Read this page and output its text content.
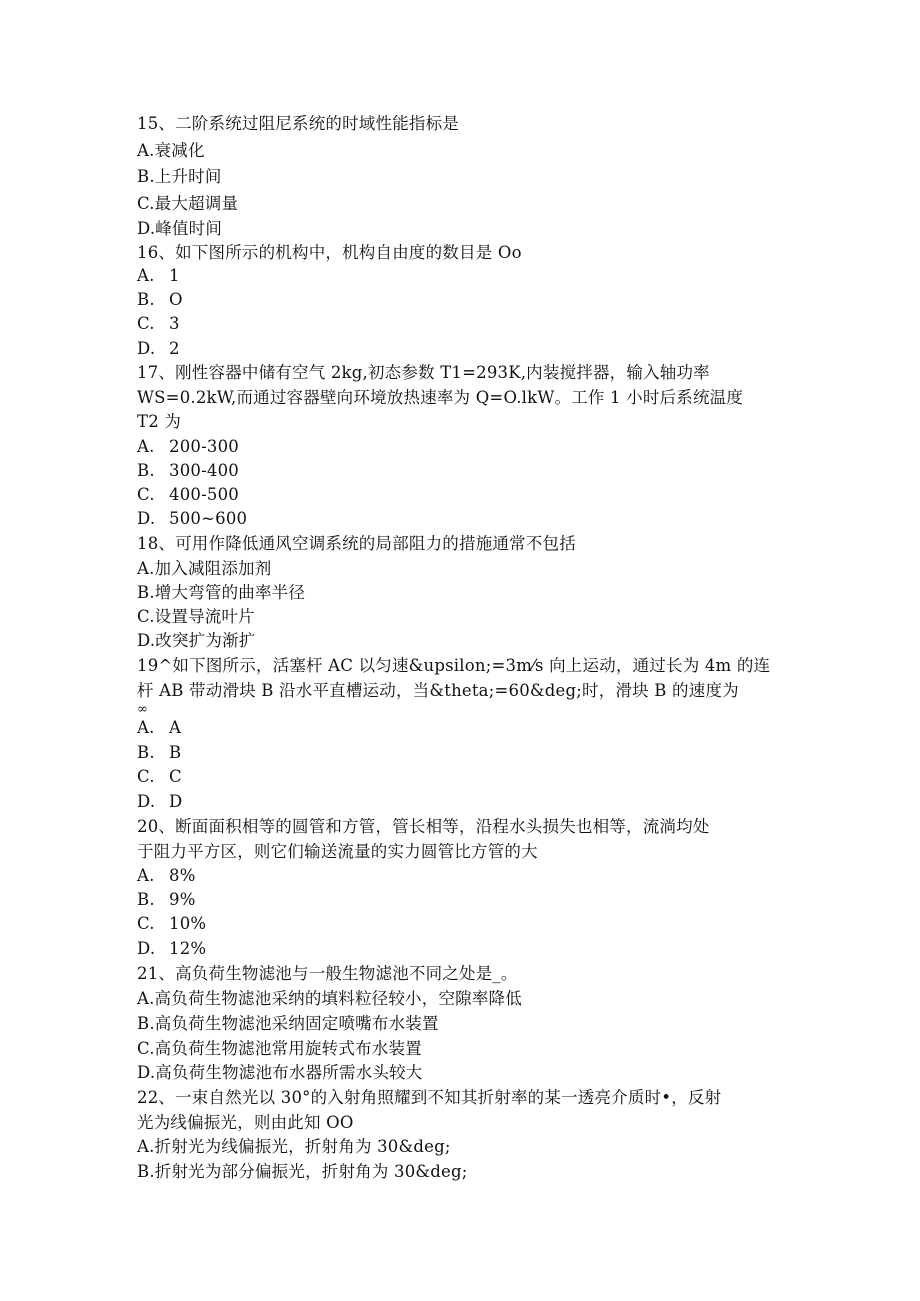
15、二阶系统过阻尼系统的时域性能指标是
A.衰减化
B.上升时间
C.最大超调量
D.峰值时间
16、如下图所示的机构中，机构自由度的数目是 Oo
A. 1
B. O
C. 3
D. 2
17、刚性容器中储有空气 2kg,初态参数 T1=293K,内装搅拌器，输入轴功率
WS=0.2kW,而通过容器壁向环境放热速率为 Q=O.lkW。工作 1 小时后系统温度
T2 为
A. 200-300
B. 300-400
C. 400-500
D. 500~600
18、可用作降低通风空调系统的局部阻力的措施通常不包括
A.加入减阻添加剂
B.增大弯管的曲率半径
C.设置导流叶片
D.改突扩为渐扩
19^如下图所示，活塞杆 AC 以匀速&upsilon;=3m⁄s 向上运动，通过长为 4m 的连
杆 AB 带动滑块 B 沿水平直槽运动，当&theta;=60&deg;时，滑块 B 的速度为
∞
A. A
B. B
C. C
D. D
20、断面面积相等的圆管和方管，管长相等，沿程水头损失也相等，流淌均处
于阻力平方区，则它们输送流量的实力圆管比方管的大
A. 8%
B. 9%
C. 10%
D. 12%
21、高负荷生物滤池与一般生物滤池不同之处是_。
A.高负荷生物滤池采纳的填料粒径较小，空隙率降低
B.高负荷生物滤池采纳固定喷嘴布水装置
C.高负荷生物滤池常用旋转式布水装置
D.高负荷生物滤池布水器所需水头较大
22、一束自然光以 30°的入射角照耀到不知其折射率的某一透亮介质时•，反射
光为线偏振光，则由此知 OO
A.折射光为线偏振光，折射角为 30&deg;
B.折射光为部分偏振光，折射角为 30&deg;
